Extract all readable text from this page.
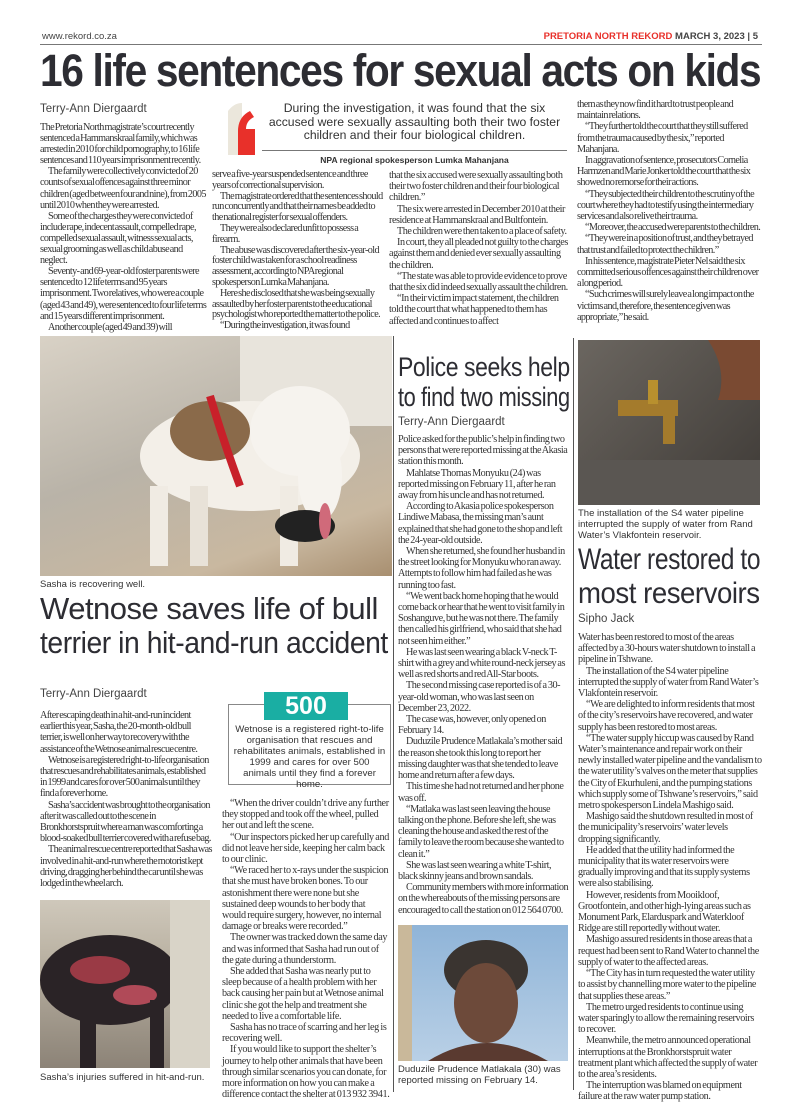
www.rekord.co.za	PRETORIA NORTH REKORD MARCH 3, 2023 | 5
16 life sentences for sexual acts on kids
Terry-Ann Diergaardt

The Pretoria North magistrate’s court recently sentenced a Hammanskraal family, which was arrested in 2010 for child pornography, to 16 life sentences and 110 years imprisonment recently.

The family were collectively convicted of 20 counts of sexual offences against three minor children (aged between four and nine), from 2005 until 2010 when they were arrested.

Some of the charges they were convicted of include rape, indecent assault, compelled rape, compelled sexual assault, witness sexual acts, sexual grooming as well as child abuse and neglect.

Seventy- and 69-year-old foster parents were sentenced to 12 life terms and 95 years imprisonment. Two relatives, who were a couple (aged 43 and 49), were sentenced to four life terms and 15 years different imprisonment.

Another couple (aged 49 and 39) will

During the investigation, it was found that the six accused were sexually assaulting both their two foster children and their four biological children.
NPA regional spokesperson Lumka Mahanjana

serve a five-year suspended sentence and three years of correctional supervision.

The magistrate ordered that the sentences should run concurrently and that their names be added to the national register for sexual offenders.

They were also declared unfit to possess a firearm.

The abuse was discovered after the six-year-old foster child was taken for a school readiness assessment, according to NPA regional spokesperson Lumka Mahanjana.

Here she disclosed that she was being sexually assaulted by her foster parents to the educational psychologist who reported the matter to the police.

“During the investigation, it was found

that the six accused were sexually assaulting both their two foster children and their four biological children.”

The six were arrested in December 2010 at their residence at Hammanskraal and Bultfontein.

The children were then taken to a place of safety.

In court, they all pleaded not guilty to the charges against them and denied ever sexually assaulting the children.

“The state was able to provide evidence to prove that the six did indeed sexually assault the children.

“In their victim impact statement, the children told the court that what happened to them has affected and continues to affect

them as they now find it hard to trust people and maintain relations.

“They further told the court that they still suffered from the trauma caused by the six,” reported Mahanjana.

In aggravation of sentence, prosecutors Cornelia Harmzen and Marie Jonker told the court that the six showed no remorse for their actions.

“They subjected their children to the scrutiny of the court where they had to testify using the intermediary services and also relive their trauma.

“Moreover, the accused were parents to the children.

“They were in a position of trust, and they betrayed that trust and failed to protect the children.”

In his sentence, magistrate Pieter Nel said the six committed serious offences against their children over a long period.

“Such crimes will surely leave a long impact on the victims and, therefore, the sentence given was appropriate,” he said.

Sasha is recovering well.
Wetnose saves life of bull
terrier in hit-and-run accident
Terry-Ann Diergaardt

After escaping death in a hit-and-run incident earlier this year, Sasha, the 20-month-old bull terrier, is well on her way to recovery with the assistance of the Wetnose animal rescue centre.

Wetnose is a registered right-to-life organisation that rescues and rehabilitates animals, established in 1999 and cares for over 500 animals until they find a forever home.

Sasha’s accident was brought to the organisation after it was called out to the scene in Bronkhorstspruit where a man was comforting a blood-soaked bull terrier covered with a refuse bag.

The animal rescue centre reported that Sasha was involved in a hit-and-run where the motorist kept driving, dragging her behind the car until she was lodged in the wheel arch.

Sasha’s injuries suffered in hit-and-run.
500
Wetnose is a registered right-to-life organisation that rescues and rehabilitates animals, established in 1999 and cares for over 500 animals until they find a forever home.

“When the driver couldn’t drive any further they stopped and took off the wheel, pulled her out and left the scene.

“Our inspectors picked her up carefully and did not leave her side, keeping her calm back to our clinic.

“We raced her to x-rays under the suspicion that she must have broken bones. To our astonishment there were none but she sustained deep wounds to her body that would require surgery, however, no internal damage or breaks were recorded.”

The owner was tracked down the same day and was informed that Sasha had run out of the gate during a thunderstorm.

She added that Sasha was nearly put to sleep because of a health problem with her back causing her pain but at Wetnose animal clinic she got the help and treatment she needed to live a comfortable life.

Sasha has no trace of scarring and her leg is recovering well.

If you would like to support the shelter’s journey to help other animals that have been through similar scenarios you can donate, for more information on how you can make a difference contact the shelter at 013 932 3941.

Police seeks help
to find two missing
Terry-Ann Diergaardt

Police asked for the public’s help in finding two persons that were reported missing at the Akasia station this month.

Mahlatse Thomas Monyuku (24) was reported missing on February 11, after he ran away from his uncle and has not returned.

According to Akasia police spokesperson Lindiwe Mabasa, the missing man’s aunt explained that she had gone to the shop and left the 24-year-old outside.

When she returned, she found her husband in the street looking for Monyuku who ran away. Attempts to follow him had failed as he was running too fast.

“We went back home hoping that he would come back or hear that he went to visit family in Soshanguve, but he was not there. The family then called his girlfriend, who said that she had not seen him either.”

He was last seen wearing a black V-neck T-shirt with a grey and white round-neck jersey as well as red shorts and red All-Star boots.

The second missing case reported is of a 30-year-old woman, who was last seen on December 23, 2022.

The case was, however, only opened on February 14.

Duduzile Prudence Matlakala’s mother said the reason she took this long to report her missing daughter was that she tended to leave home and return after a few days.

This time she had not returned and her phone was off.

“Matlaka was last seen leaving the house talking on the phone. Before she left, she was cleaning the house and asked the rest of the family to leave the room because she wanted to clean it.”

She was last seen wearing a white T-shirt, black skinny jeans and brown sandals.

Community members with more information on the whereabouts of the missing persons are encouraged to call the station on 012 564 0700.

Duduzile Prudence Matlakala (30) was reported missing on February 14.
The installation of the S4 water pipeline interrupted the supply of water from Rand Water’s Vlakfontein reservoir.
Water restored to
most reservoirs
Sipho Jack

Water has been restored to most of the areas affected by a 30-hours water shutdown to install a pipeline in Tshwane.

The installation of the S4 water pipeline interrupted the supply of water from Rand Water’s Vlakfontein reservoir.

“We are delighted to inform residents that most of the city’s reservoirs have recovered, and water supply has been restored to most areas.

“The water supply hiccup was caused by Rand Water’s maintenance and repair work on their newly installed water pipeline and the vandalism to the water utility’s valves on the meter that supplies the City of Ekurhuleni, and the pumping stations which supply some of Tshwane’s reservoirs,” said metro spokesperson Lindela Mashigo said.

Mashigo said the shutdown resulted in most of the municipality’s reservoirs’ water levels dropping significantly.

He added that the utility had informed the municipality that its water reservoirs were gradually improving and that its supply systems were also stabilising.

However, residents from Mooikloof, Grootfontein, and other high-lying areas such as Monument Park, Elarduspark and Waterkloof Ridge are still reportedly without water.

Mashigo assured residents in those areas that a request had been sent to Rand Water to channel the supply of water to the affected areas.

“The City has in turn requested the water utility to assist by channelling more water to the pipeline that supplies these areas.”

The metro urged residents to continue using water sparingly to allow the remaining reservoirs to recover.

Meanwhile, the metro announced operational interruptions at the Bronkhorstspruit water treatment plant which affected the supply of water to the area’s residents.

The interruption was blamed on equipment failure at the raw water pump station.
